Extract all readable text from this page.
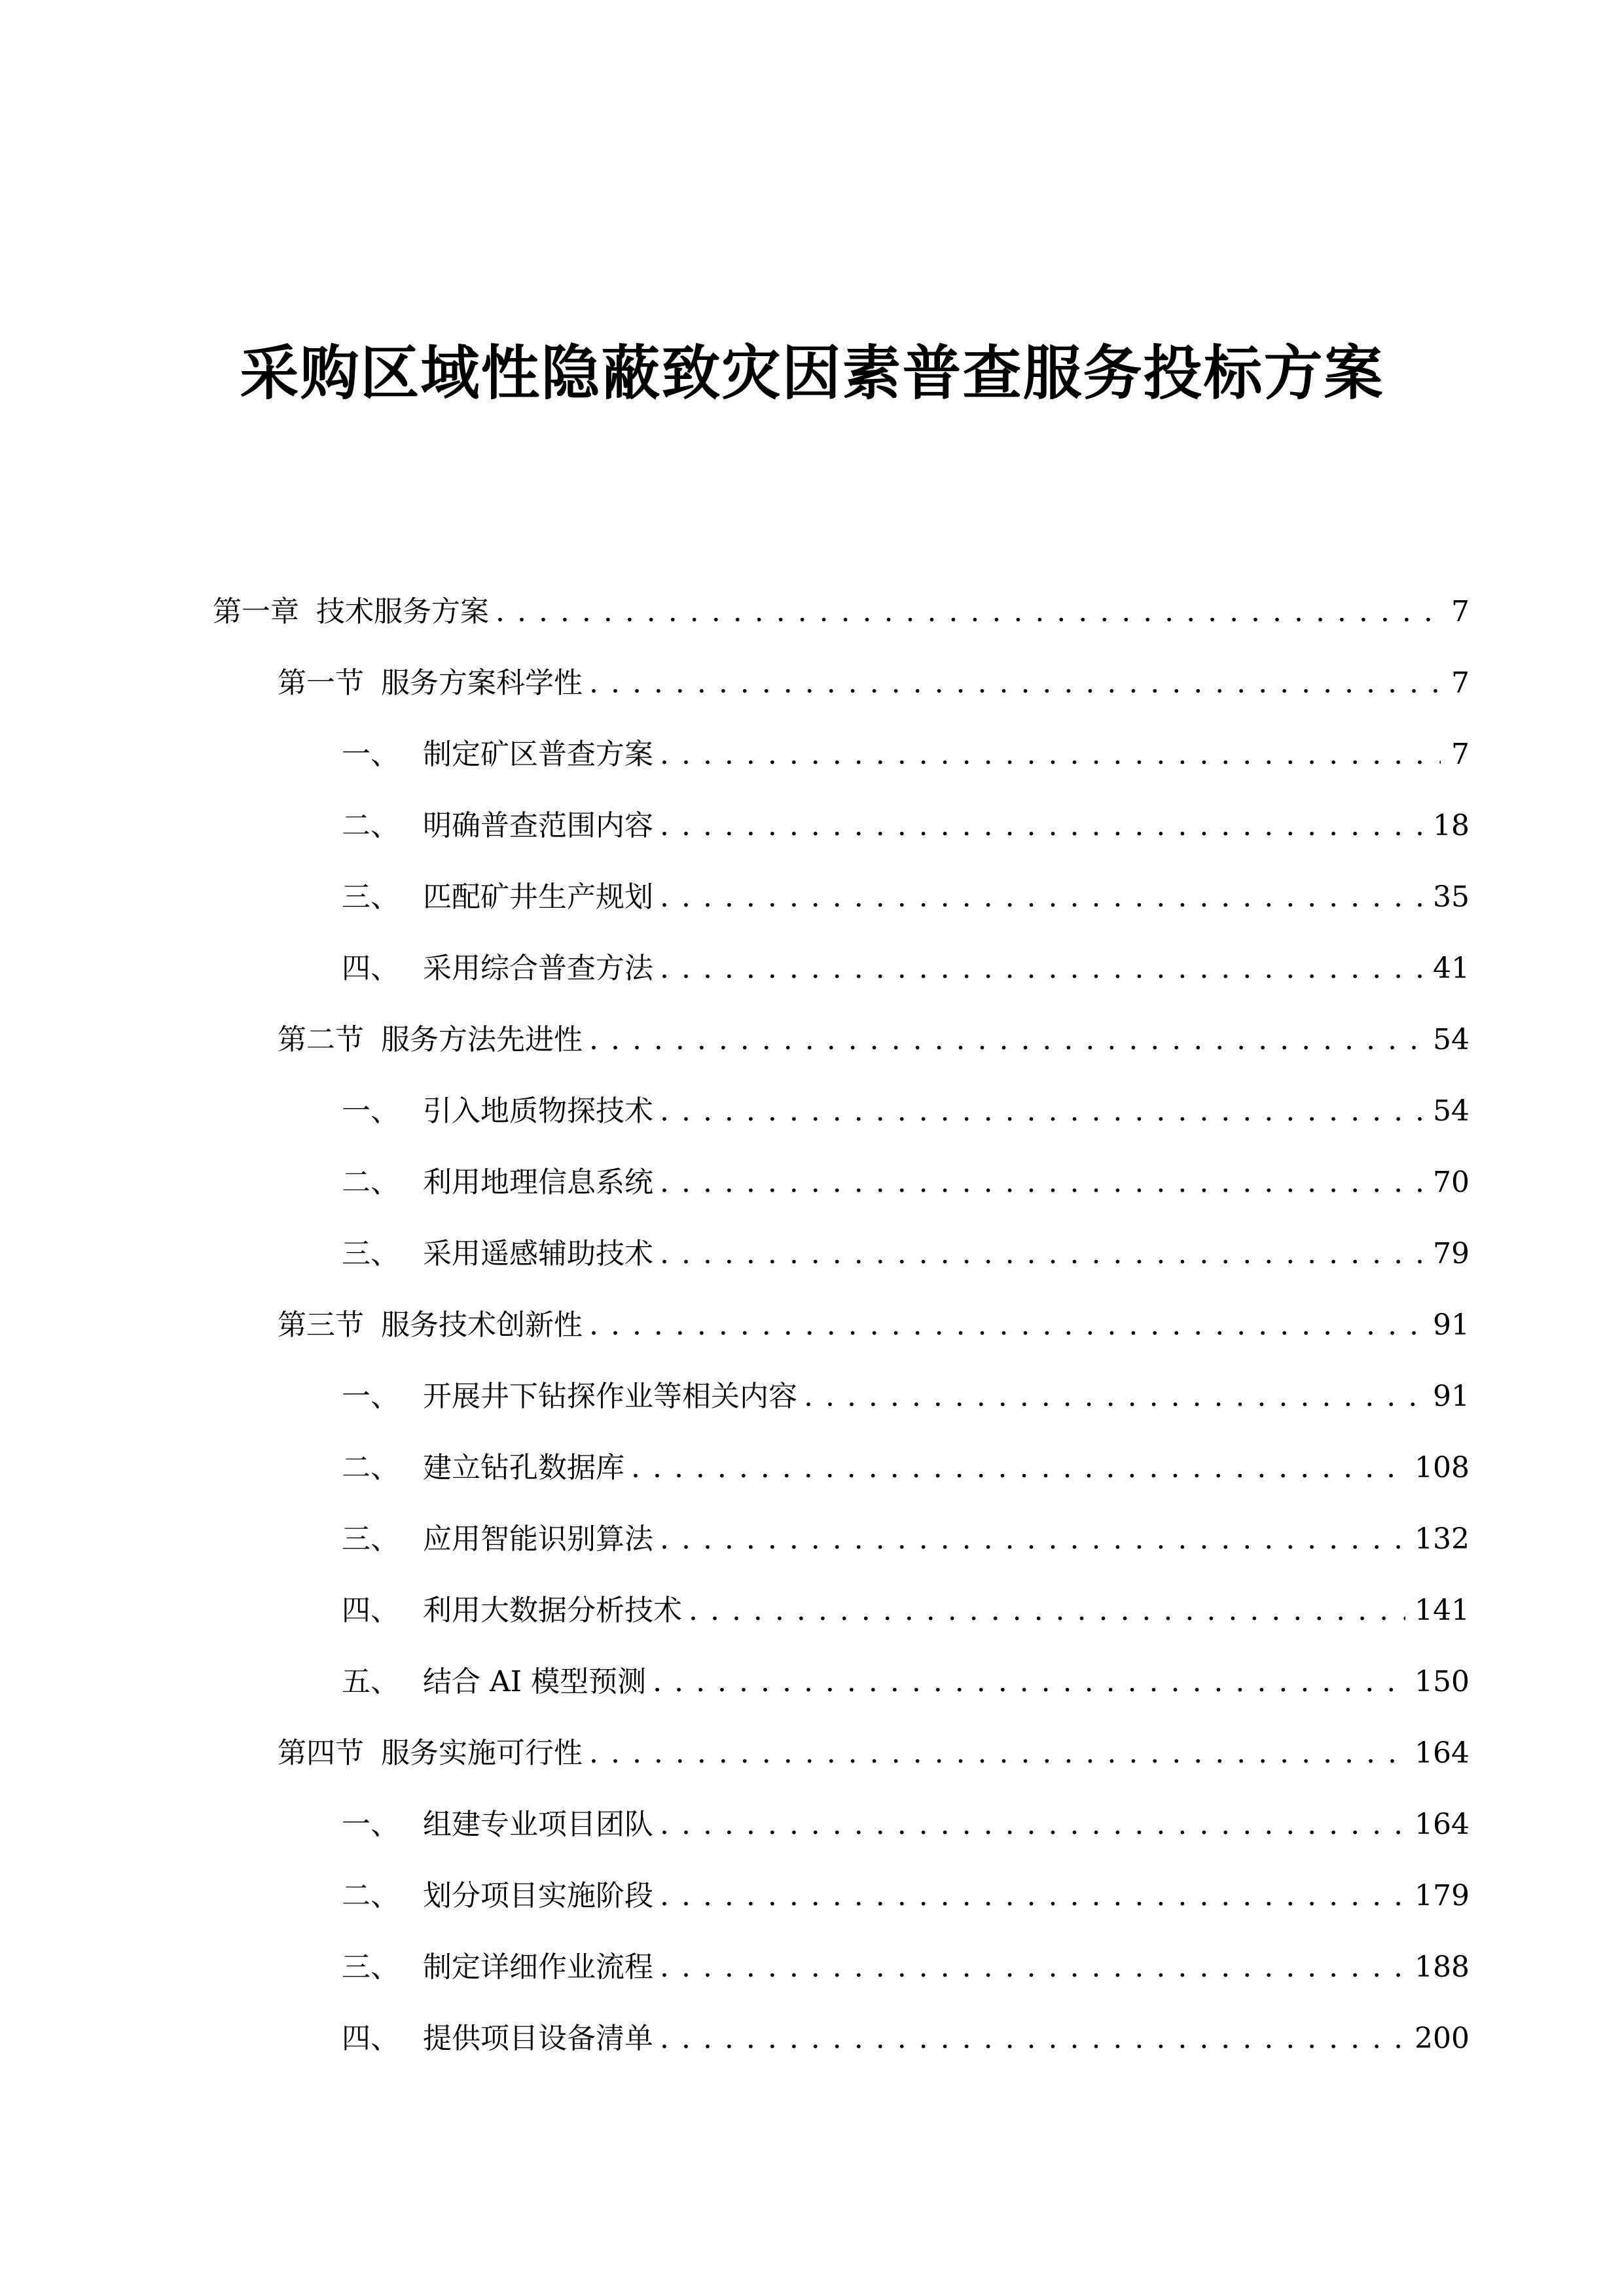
采购区域性隐蔽致灾因素普查服务投标方案
第一章 技术服务方案 . . .	7
第一节 服务方案科学性 . . .	7
一、 制定矿区普查方案 . . .	7
二、 明确普查范围内容 . . .	18
三、 匹配矿井生产规划 . . .	35
四、 采用综合普查方法 . . .	41
第二节 服务方法先进性 . . .	54
一、 引入地质物探技术 . . .	54
二、 利用地理信息系统 . . .	70
三、 采用遥感辅助技术 . . .	79
第三节 服务技术创新性 . . .	91
一、 开展井下钻探作业等相关内容 . . .	91
二、 建立钻孔数据库 . . .	108
三、 应用智能识别算法 . . .	132
四、 利用大数据分析技术 . . .	141
五、 结合 AI 模型预测 . . .	150
第四节 服务实施可行性 . . .	164
一、 组建专业项目团队 . . .	164
二、 划分项目实施阶段 . . .	179
三、 制定详细作业流程 . . .	188
四、 提供项目设备清单 . . .	200
